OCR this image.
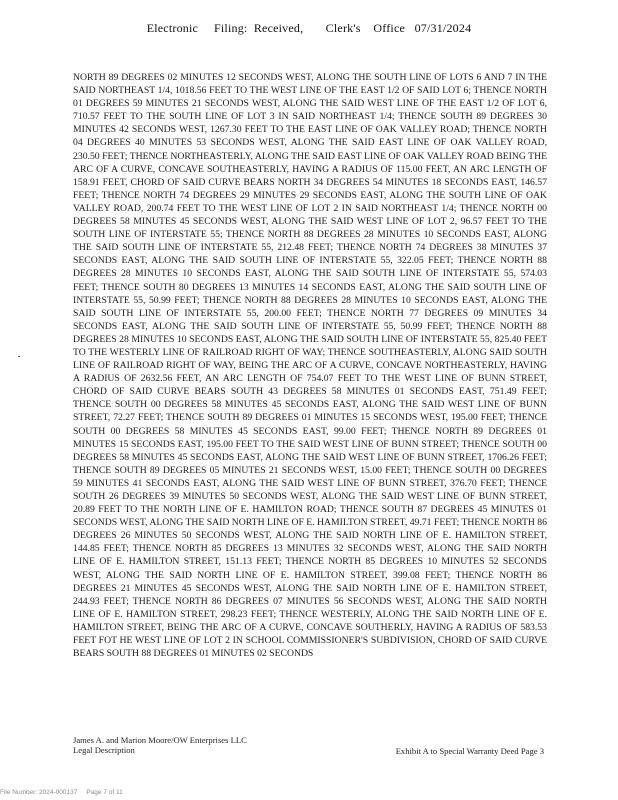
Electronic     Filing:  Received,       Clerk's    Office   07/31/2024
NORTH 89 DEGREES 02 MINUTES 12 SECONDS WEST, ALONG THE SOUTH LINE OF LOTS 6 AND 7 IN THE SAID NORTHEAST 1/4, 1018.56 FEET TO THE WEST LINE OF THE EAST 1/2 OF SAID LOT 6; THENCE NORTH 01 DEGREES 59 MINUTES 21 SECONDS WEST, ALONG THE SAID WEST LINE OF THE EAST 1/2 OF LOT 6, 710.57 FEET TO THE SOUTH LINE OF LOT 3 IN SAID NORTHEAST 1/4; THENCE SOUTH 89 DEGREES 30 MINUTES 42 SECONDS WEST, 1267.30 FEET TO THE EAST LINE OF OAK VALLEY ROAD; THENCE NORTH 04 DEGREES 40 MINUTES 53 SECONDS WEST, ALONG THE SAID EAST LINE OF OAK VALLEY ROAD, 230.50 FEET; THENCE NORTHEASTERLY, ALONG THE SAID EAST LINE OF OAK VALLEY ROAD BEING THE ARC OF A CURVE, CONCAVE SOUTHEASTERLY, HAVING A RADIUS OF 115.00 FEET, AN ARC LENGTH OF 158.91 FEET, CHORD OF SAID CURVE BEARS NORTH 34 DEGREES 54 MINUTES 18 SECONDS EAST, 146.57 FEET; THENCE NORTH 74 DEGREES 29 MINUTES 29 SECONDS EAST, ALONG THE SOUTH LINE OF OAK VALLEY ROAD, 200.74 FEET TO THE WEST LINE OF LOT 2 IN SAID NORTHEAST 1/4; THENCE NORTH 00 DEGREES 58 MINUTES 45 SECONDS WEST, ALONG THE SAID WEST LINE OF LOT 2, 96.57 FEET TO THE SOUTH LINE OF INTERSTATE 55; THENCE NORTH 88 DEGREES 28 MINUTES 10 SECONDS EAST, ALONG THE SAID SOUTH LINE OF INTERSTATE 55, 212.48 FEET; THENCE NORTH 74 DEGREES 38 MINUTES 37 SECONDS EAST, ALONG THE SAID SOUTH LINE OF INTERSTATE 55, 322.05 FEET; THENCE NORTH 88 DEGREES 28 MINUTES 10 SECONDS EAST, ALONG THE SAID SOUTH LINE OF INTERSTATE 55, 574.03 FEET; THENCE SOUTH 80 DEGREES 13 MINUTES 14 SECONDS EAST, ALONG THE SAID SOUTH LINE OF INTERSTATE 55, 50.99 FEET; THENCE NORTH 88 DEGREES 28 MINUTES 10 SECONDS EAST, ALONG THE SAID SOUTH LINE OF INTERSTATE 55, 200.00 FEET; THENCE NORTH 77 DEGREES 09 MINUTES 34 SECONDS EAST, ALONG THE SAID SOUTH LINE OF INTERSTATE 55, 50.99 FEET; THENCE NORTH 88 DEGREES 28 MINUTES 10 SECONDS EAST, ALONG THE SAID SOUTH LINE OF INTERSTATE 55, 825.40 FEET TO THE WESTERLY LINE OF RAILROAD RIGHT OF WAY; THENCE SOUTHEASTERLY, ALONG SAID SOUTH LINE OF RAILROAD RIGHT OF WAY, BEING THE ARC OF A CURVE, CONCAVE NORTHEASTERLY, HAVING A RADIUS OF 2632.56 FEET, AN ARC LENGTH OF 754.07 FEET TO THE WEST LINE OF BUNN STREET, CHORD OF SAID CURVE BEARS SOUTH 43 DEGREES 58 MINUTES 01 SECONDS EAST, 751.49 FEET; THENCE SOUTH 00 DEGREES 58 MINUTES 45 SECONDS EAST, ALONG THE SAID WEST LINE OF BUNN STREET, 72.27 FEET; THENCE SOUTH 89 DEGREES 01 MINUTES 15 SECONDS WEST, 195.00 FEET; THENCE SOUTH 00 DEGREES 58 MINUTES 45 SECONDS EAST, 99.00 FEET; THENCE NORTH 89 DEGREES 01 MINUTES 15 SECONDS EAST, 195.00 FEET TO THE SAID WEST LINE OF BUNN STREET; THENCE SOUTH 00 DEGREES 58 MINUTES 45 SECONDS EAST, ALONG THE SAID WEST LINE OF BUNN STREET, 1706.26 FEET; THENCE SOUTH 89 DEGREES 05 MINUTES 21 SECONDS WEST, 15.00 FEET; THENCE SOUTH 00 DEGREES 59 MINUTES 41 SECONDS EAST, ALONG THE SAID WEST LINE OF BUNN STREET, 376.70 FEET; THENCE SOUTH 26 DEGREES 39 MINUTES 50 SECONDS WEST, ALONG THE SAID WEST LINE OF BUNN STREET, 20.89 FEET TO THE NORTH LINE OF E. HAMILTON ROAD; THENCE SOUTH 87 DEGREES 45 MINUTES 01 SECONDS WEST, ALONG THE SAID NORTH LINE OF E. HAMILTON STREET, 49.71 FEET; THENCE NORTH 86 DEGREES 26 MINUTES 50 SECONDS WEST, ALONG THE SAID NORTH LINE OF E. HAMILTON STREET, 144.85 FEET; THENCE NORTH 85 DEGREES 13 MINUTES 32 SECONDS WEST, ALONG THE SAID NORTH LINE OF E. HAMILTON STREET, 151.13 FEET; THENCE NORTH 85 DEGREES 10 MINUTES 52 SECONDS WEST, ALONG THE SAID NORTH LINE OF E. HAMILTON STREET, 399.08 FEET; THENCE NORTH 86 DEGREES 21 MINUTES 45 SECONDS WEST, ALONG THE SAID NORTH LINE OF E. HAMILTON STREET, 244.93 FEET; THENCE NORTH 86 DEGREES 07 MINUTES 56 SECONDS WEST, ALONG THE SAID NORTH LINE OF E. HAMILTON STREET, 298.23 FEET; THENCE WESTERLY, ALONG THE SAID NORTH LINE OF E. HAMILTON STREET, BEING THE ARC OF A CURVE, CONCAVE SOUTHERLY, HAVING A RADIUS OF 583.53 FEET FOT HE WEST LINE OF LOT 2 IN SCHOOL COMMISSIONER'S SUBDIVISION, CHORD OF SAID CURVE BEARS SOUTH 88 DEGREES 01 MINUTES 02 SECONDS
James A. and Marion Moore/OW Enterprises LLC
Legal Description	Exhibit A to Special Warranty Deed Page 3
File Number: 2024-000137     Page 7 of 11
